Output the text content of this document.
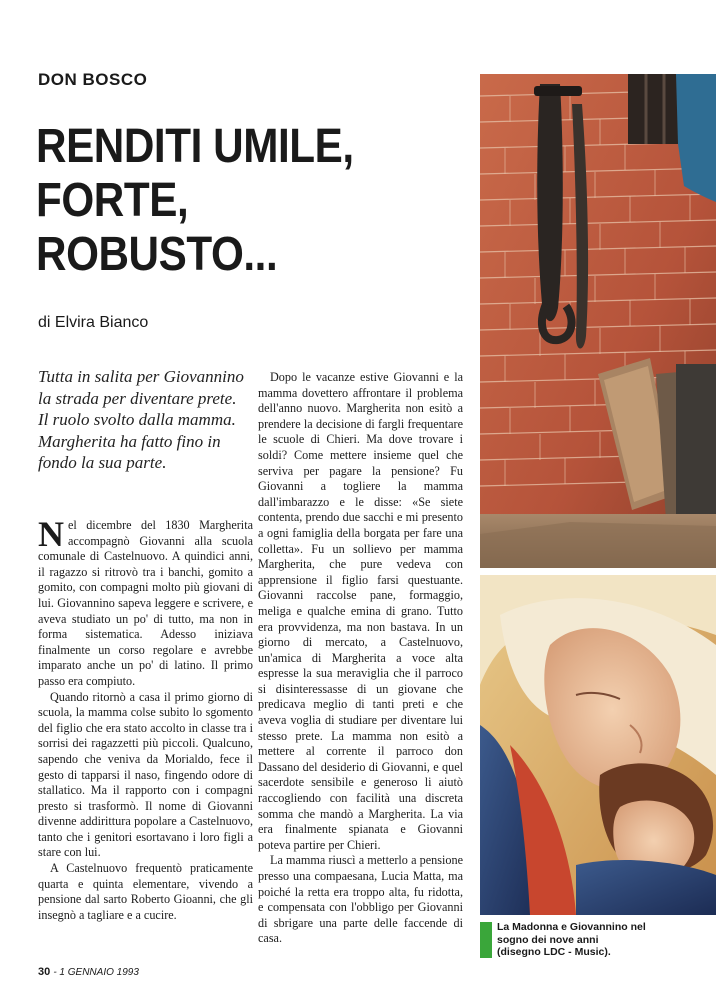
DON BOSCO
RENDITI UMILE,
FORTE,
ROBUSTO...
di Elvira Bianco
Tutta in salita per Giovannino la strada per diventare prete. Il ruolo svolto dalla mamma. Margherita ha fatto fino in fondo la sua parte.

Nel dicembre del 1830 Margherita accompagnò Giovanni alla scuola comunale di Castelnuovo. A quindici anni, il ragazzo si ritrovò tra i banchi, gomito a gomito, con compagni molto più giovani di lui. Giovannino sapeva leggere e scrivere, e aveva studiato un po' di tutto, ma non in forma sistematica. Adesso iniziava finalmente un corso regolare e avrebbe imparato anche un po' di latino. Il primo passo era compiuto.

Quando ritornò a casa il primo giorno di scuola, la mamma colse subito lo sgomento del figlio che era stato accolto in classe tra i sorrisi dei ragazzetti più piccoli. Qualcuno, sapendo che veniva da Morialdo, fece il gesto di tapparsi il naso, fingendo odore di stallatico. Ma il rapporto con i compagni presto si trasformò. Il nome di Giovanni divenne addirittura popolare a Castelnuovo, tanto che i genitori esortavano i loro figli a stare con lui.

A Castelnuovo frequentò praticamente quarta e quinta elementare, vivendo a pensione dal sarto Roberto Gioanni, che gli insegnò a tagliare e a cucire.

Dopo le vacanze estive Giovanni e la mamma dovettero affrontare il problema dell'anno nuovo. Margherita non esitò a prendere la decisione di fargli frequentare le scuole di Chieri. Ma dove trovare i soldi? Come mettere insieme quel che serviva per pagare la pensione? Fu Giovanni a togliere la mamma dall'imbarazzo e le disse: «Se siete contenta, prendo due sacchi e mi presento a ogni famiglia della borgata per fare una colletta». Fu un sollievo per mamma Margherita, che pure vedeva con apprensione il figlio farsi questuante. Giovanni raccolse pane, formaggio, meliga e qualche emina di grano. Tutto era provvidenza, ma non bastava. In un giorno di mercato, a Castelnuovo, un'amica di Margherita a voce alta espresse la sua meraviglia che il parroco si disinteressasse di un giovane che predicava meglio di tanti preti e che aveva voglia di studiare per diventare lui stesso prete. La mamma non esitò a mettere al corrente il parroco don Dassano del desiderio di Giovanni, e quel sacerdote sensibile e generoso li aiutò raccogliendo con facilità una discreta somma che mandò a Margherita. La via era finalmente spianata e Giovanni poteva partire per Chieri.

La mamma riuscì a metterlo a pensione presso una compaesana, Lucia Matta, ma poiché la retta era troppo alta, fu ridotta, e compensata con l'obbligo per Giovanni di sbrigare una parte delle faccende di casa.

La Madonna e Giovannino nel
sogno dei nove anni
(disegno LDC - Music).
30 - 1 GENNAIO 1993
